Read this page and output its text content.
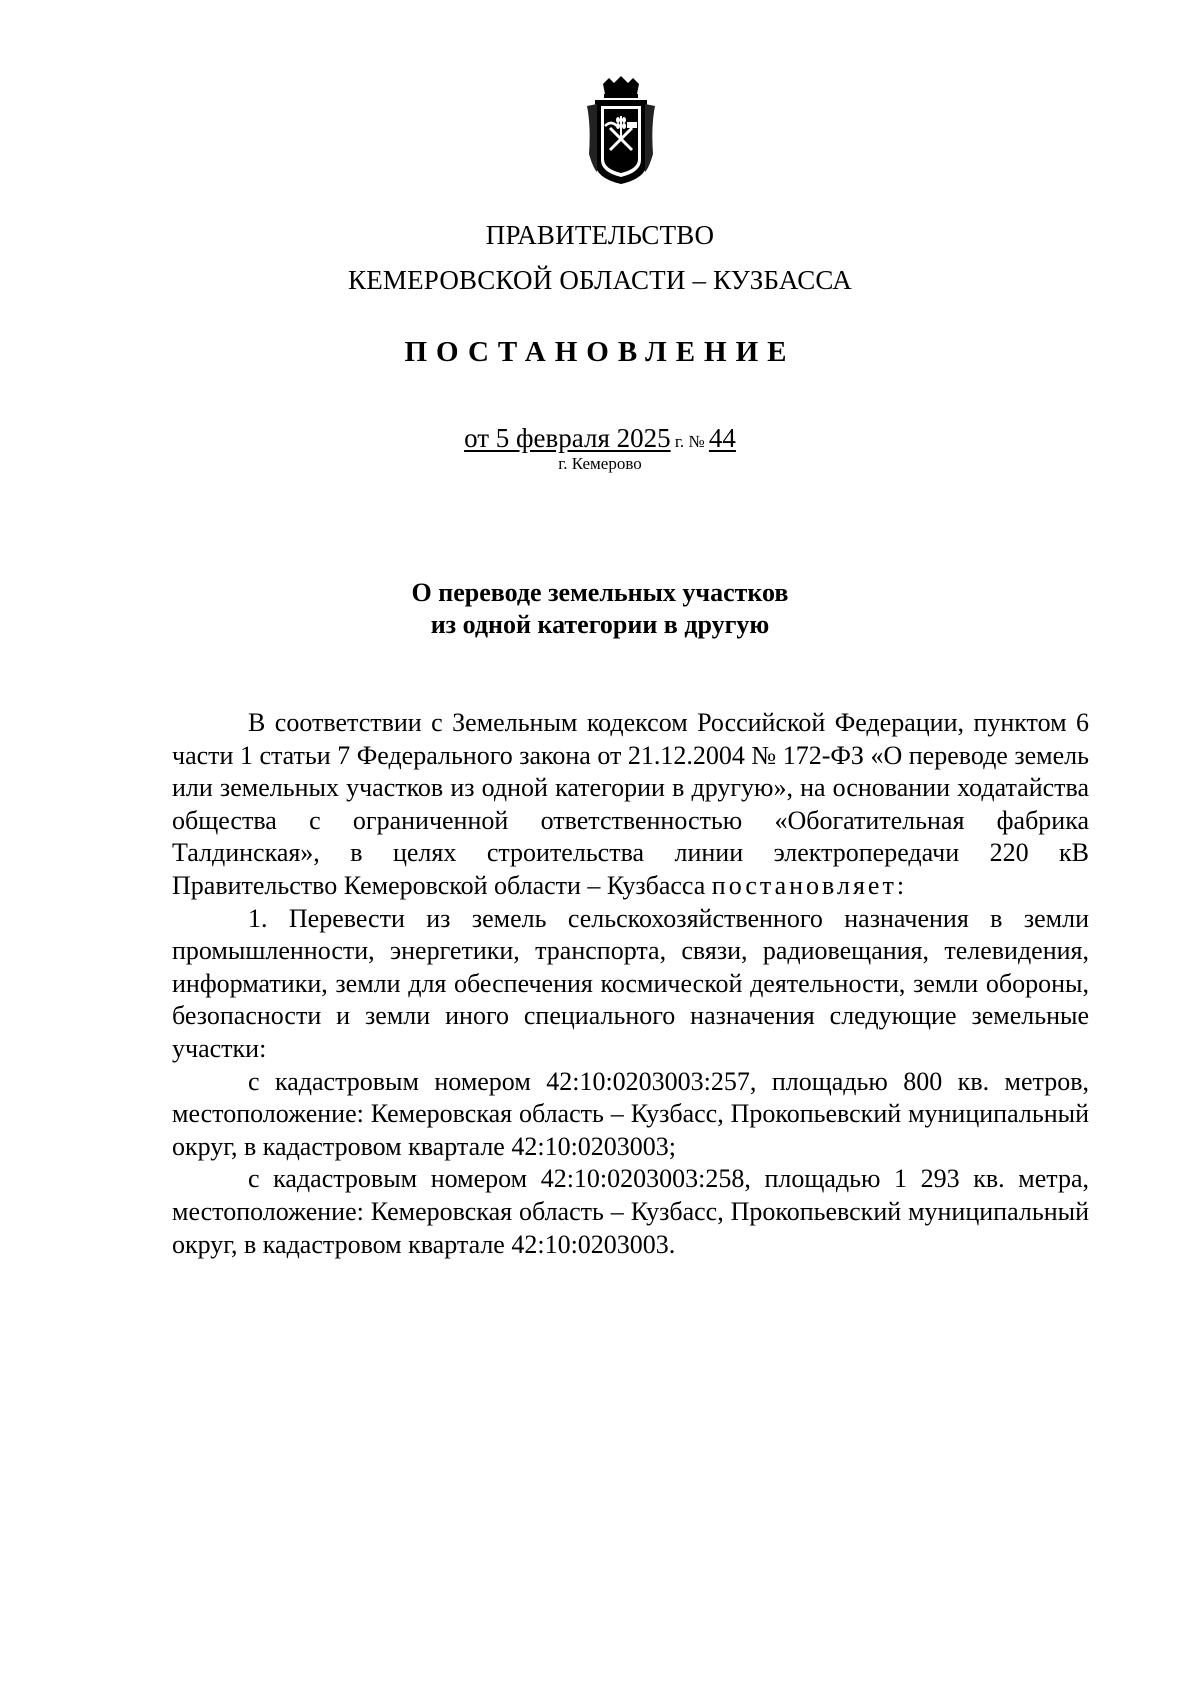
ПРАВИТЕЛЬСТВО
КЕМЕРОВСКОЙ ОБЛАСТИ – КУЗБАССА
ПОСТАНОВЛЕНИЕ
от 5 февраля 2025 г. № 44
г. Кемерово
О переводе земельных участков
из одной категории в другую

В соответствии с Земельным кодексом Российской Федерации, пунктом 6 части 1 статьи 7 Федерального закона от 21.12.2004 № 172-ФЗ «О переводе земель или земельных участков из одной категории в другую», на основании ходатайства общества с ограниченной ответственностью «Обогатительная фабрика Талдинская», в целях строительства линии электропередачи 220 кВ Правительство Кемеровской области – Кузбасса постановляет:

1. Перевести из земель сельскохозяйственного назначения в земли промышленности, энергетики, транспорта, связи, радиовещания, телевидения, информатики, земли для обеспечения космической деятельности, земли обороны, безопасности и земли иного специального назначения следующие земельные участки:

с кадастровым номером 42:10:0203003:257, площадью 800 кв. метров, местоположение: Кемеровская область – Кузбасс, Прокопьевский муниципальный округ, в кадастровом квартале 42:10:0203003;

с кадастровым номером 42:10:0203003:258, площадью 1 293 кв. метра, местоположение: Кемеровская область – Кузбасс, Прокопьевский муниципальный округ, в кадастровом квартале 42:10:0203003.
